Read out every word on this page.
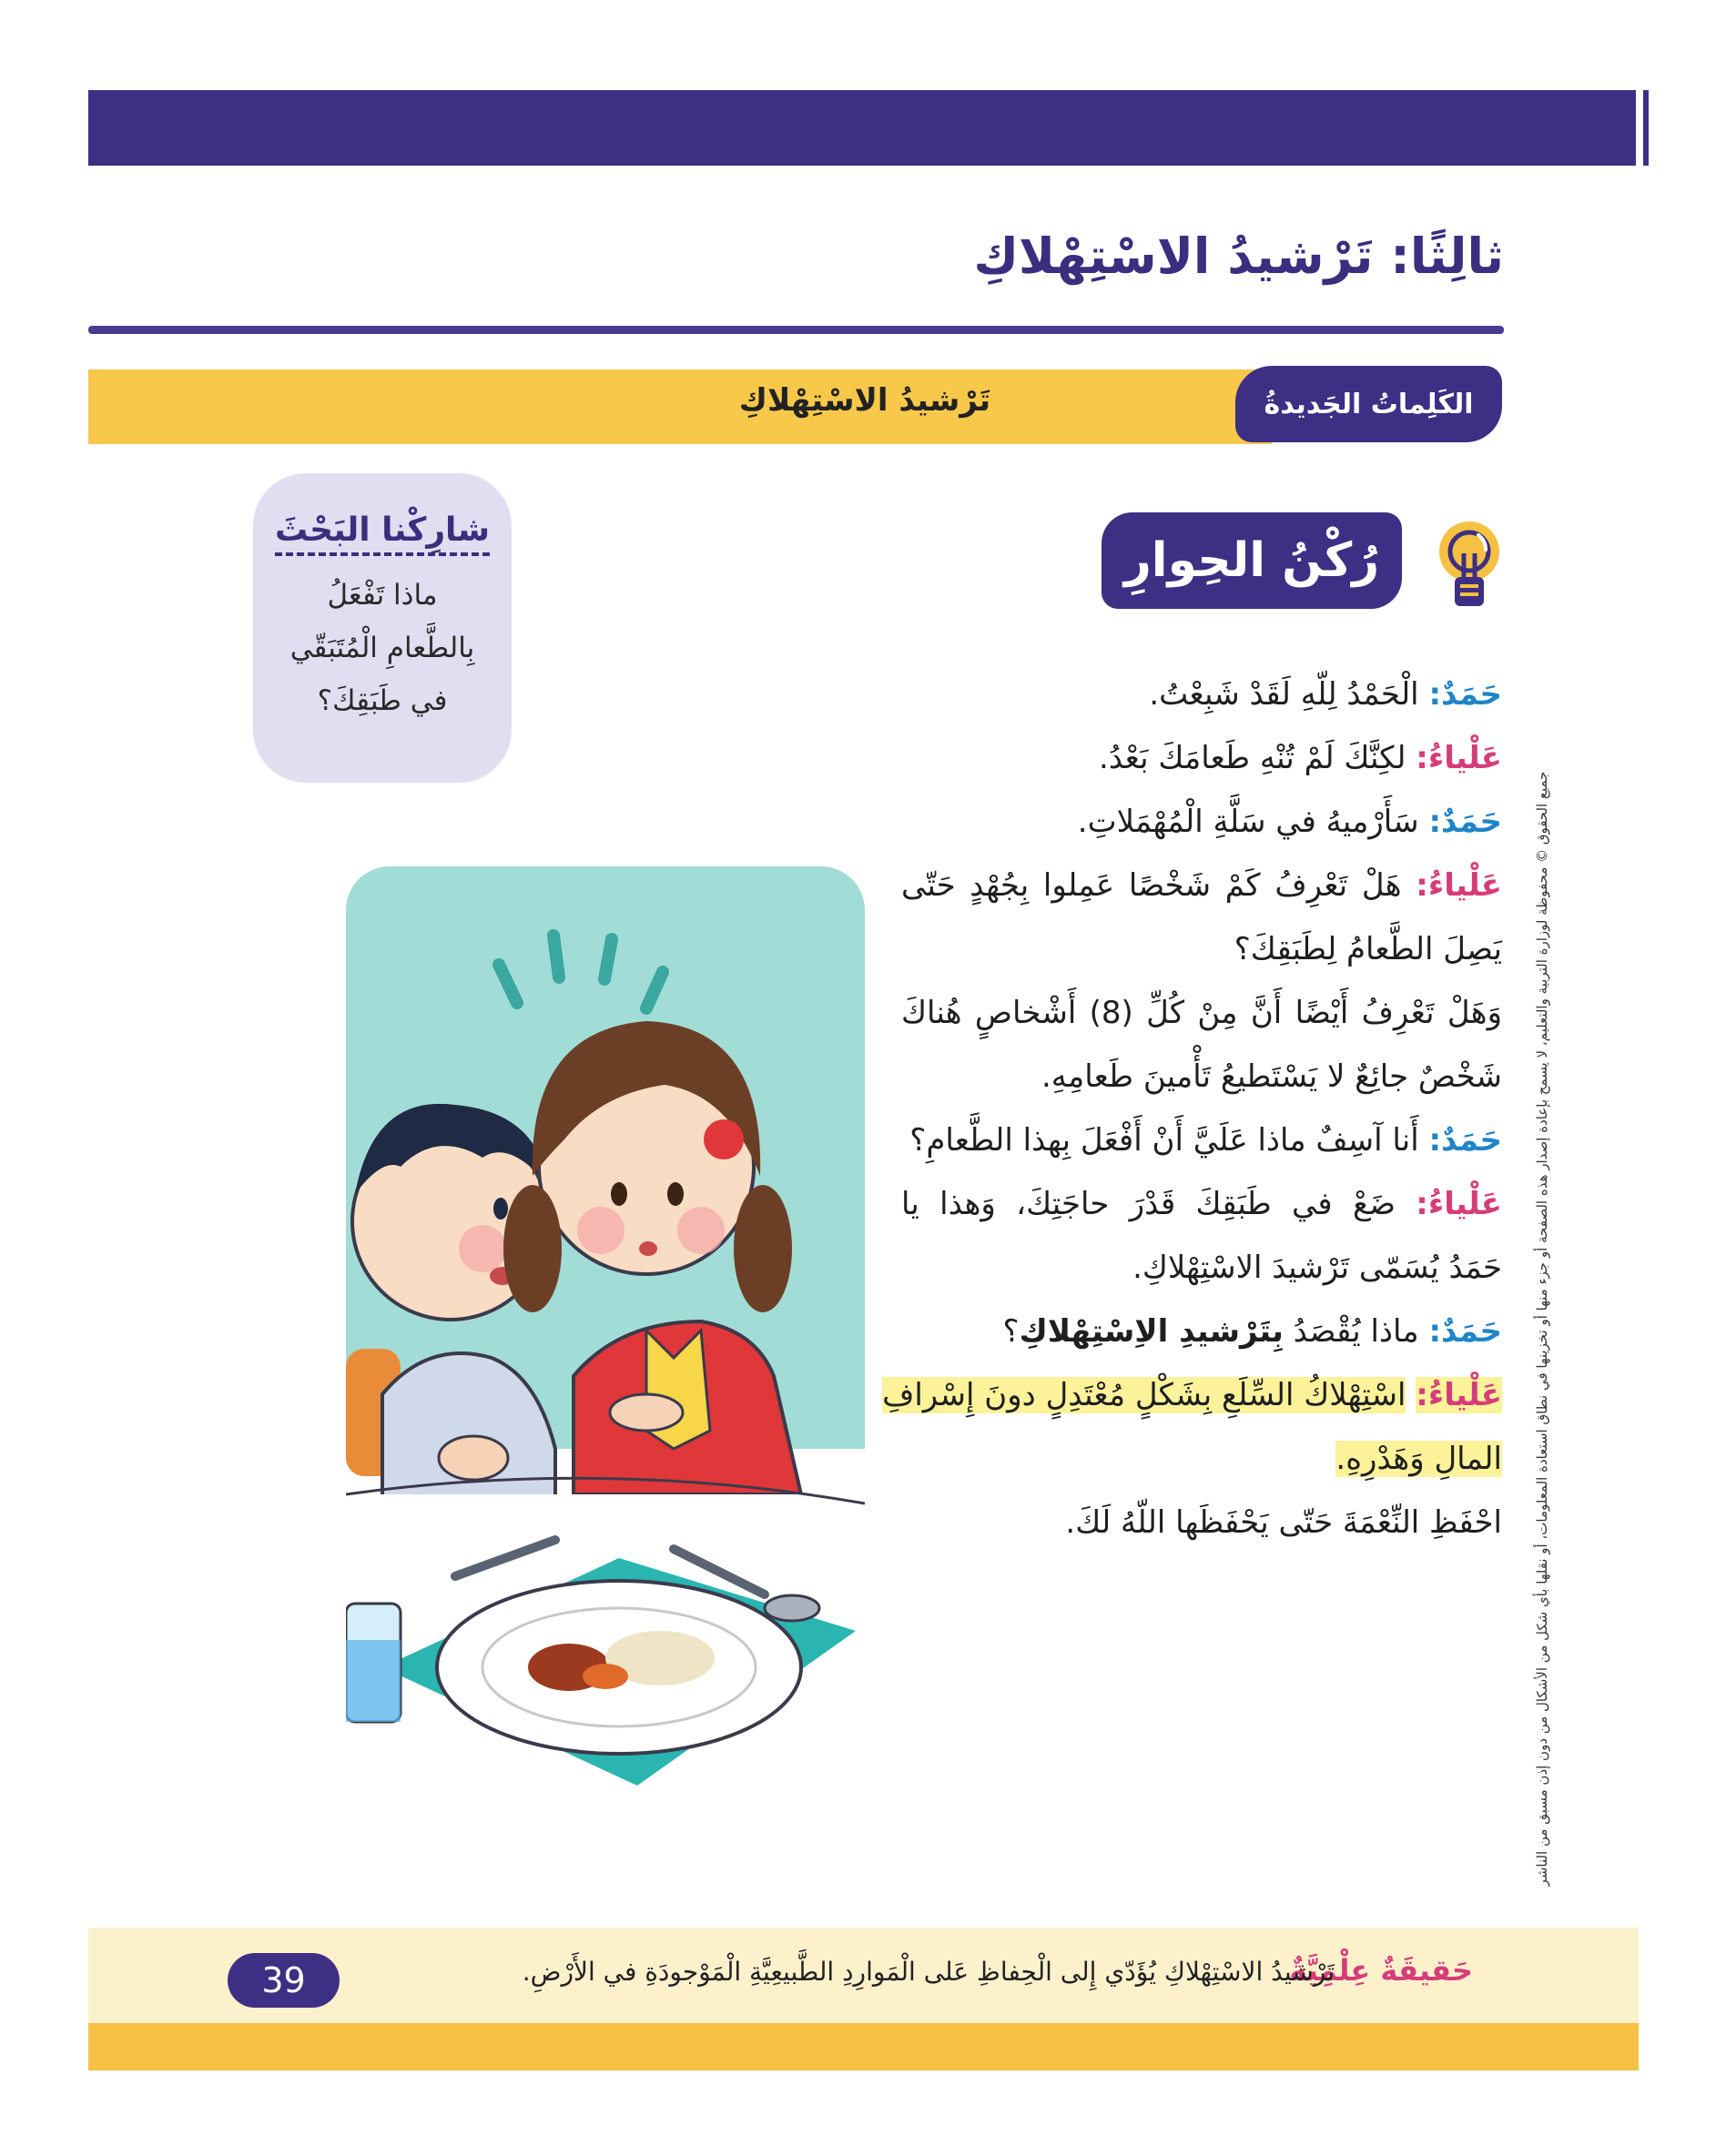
ثالِثًا: تَرْشيدُ الاسْتِهْلاكِ
تَرْشيدُ الاسْتِهْلاكِ	الكَلِماتُ الجَديدةُ
شارِكْنا البَحْثَ
ماذا تَفْعَلُ
بِالطَّعامِ الْمُتَبَقّي
في طَبَقِكَ؟
رُكْنُ الحِوارِ
حَمَدٌ: الْحَمْدُ لِلّهِ لَقَدْ شَبِعْتُ.
عَلْياءُ: لكِنَّكَ لَمْ تُنْهِ طَعامَكَ بَعْدُ.
حَمَدٌ: سَأَرْميهُ في سَلَّةِ الْمُهْمَلاتِ.
عَلْياءُ: هَلْ تَعْرِفُ كَمْ شَخْصًا عَمِلوا بِجُهْدٍ حَتّى
يَصِلَ الطَّعامُ لِطَبَقِكَ؟
وَهَلْ تَعْرِفُ أَيْضًا أَنَّ مِنْ كُلِّ (8) أَشْخاصٍ هُناكَ
شَخْصٌ جائِعٌ لا يَسْتَطيعُ تَأْمينَ طَعامِهِ.
حَمَدٌ: أَنا آسِفٌ ماذا عَلَيَّ أَنْ أَفْعَلَ بِهذا الطَّعامِ؟
عَلْياءُ: ضَعْ في طَبَقِكَ قَدْرَ حاجَتِكَ، وَهذا يا
حَمَدُ يُسَمّى تَرْشيدَ الاسْتِهْلاكِ.
حَمَدٌ: ماذا يُقْصَدُ بِتَرْشيدِ الاِسْتِهْلاكِ؟
عَلْياءُ: اسْتِهْلاكُ السِّلَعِ بِشَكْلٍ مُعْتَدِلٍ دونَ إِسْرافِ
المالِ وَهَدْرِهِ.
احْفَظِ النِّعْمَةَ حَتّى يَحْفَظَها اللّهُ لَكَ. جميع الحقوق © محفوظة لوزارة التربية والتعليم، لا يسمح بإعادة إصدار هذه الصفحة أو جزء منها أو تخزينها في نطاق استعادة المعلومات، أو نقلها بأي شكل من الأشكال من دون إذن مسبق من الناشر
حَقيقَةٌ عِلْمِيَّةٌ
تَرْشيدُ الاسْتِهْلاكِ يُؤَدّي إِلى الْحِفاظِ عَلى الْمَوارِدِ الطَّبيعِيَّةِ الْمَوْجودَةِ في الأَرْضِ.
39
